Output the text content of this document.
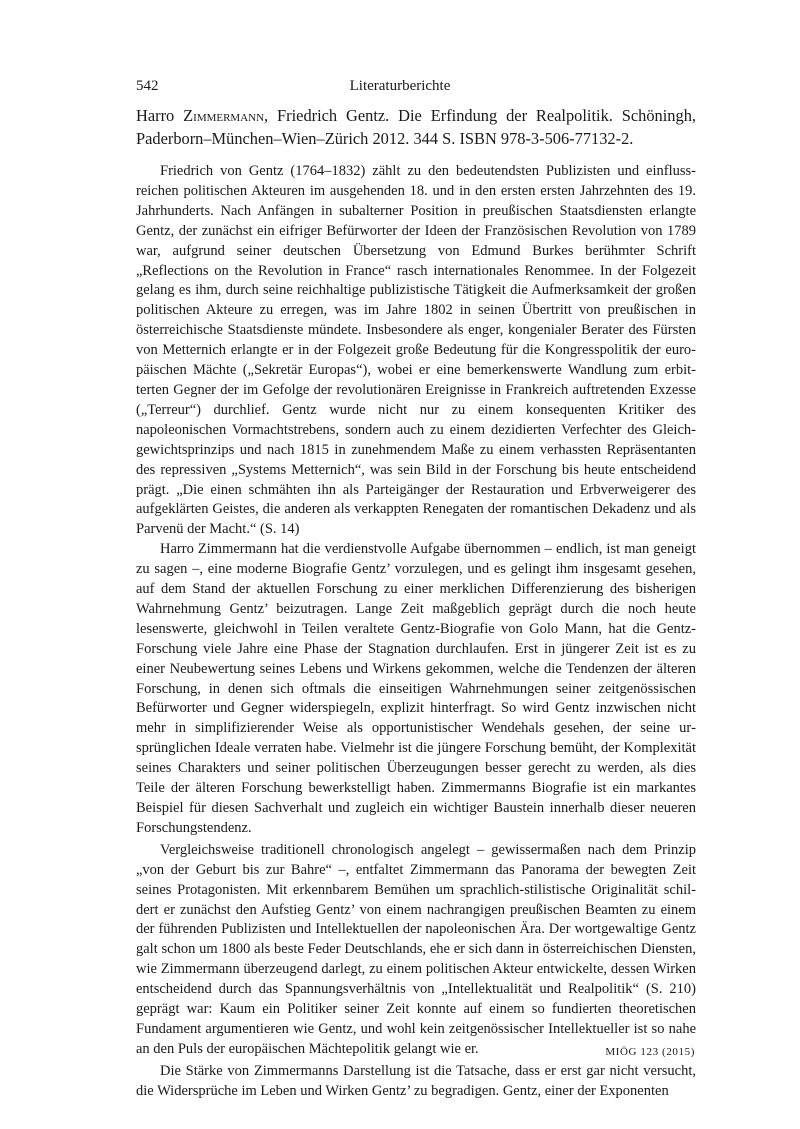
542	Literaturberichte
Harro Zimmermann, Friedrich Gentz. Die Erfindung der Realpolitik. Schöningh, Paderborn–München–Wien–Zürich 2012. 344 S. ISBN 978-3-506-77132-2.

Friedrich von Gentz (1764–1832) zählt zu den bedeutendsten Publizisten und einflussreichen politischen Akteuren im ausgehenden 18. und in den ersten ersten Jahrzehnten des 19. Jahrhunderts. Nach Anfängen in subalterner Position in preußischen Staatsdiensten erlangte Gentz, der zunächst ein eifriger Befürworter der Ideen der Französischen Revolution von 1789 war, aufgrund seiner deutschen Übersetzung von Edmund Burkes berühmter Schrift „Reflections on the Revolution in France“ rasch internationales Renommee. In der Folgezeit gelang es ihm, durch seine reichhaltige publizistische Tätigkeit die Aufmerksamkeit der großen politischen Akteure zu erregen, was im Jahre 1802 in seinen Übertritt von preußischen in österreichische Staatsdienste mündete. Insbesondere als enger, kongenialer Berater des Fürsten von Metternich erlangte er in der Folgezeit große Bedeutung für die Kongresspolitik der europäischen Mächte („Sekretär Europas“), wobei er eine bemerkenswerte Wandlung zum erbitterten Gegner der im Gefolge der revolutionären Ereignisse in Frankreich auftretenden Exzesse („Terreur“) durchlief. Gentz wurde nicht nur zu einem konsequenten Kritiker des napoleonischen Vormachtstrebens, sondern auch zu einem dezidierten Verfechter des Gleichgewichtsprinzips und nach 1815 in zunehmendem Maße zu einem verhassten Repräsentanten des repressiven „Systems Metternich“, was sein Bild in der Forschung bis heute entscheidend prägt. „Die einen schmähten ihn als Parteigänger der Restauration und Erbverweigerer des aufgeklärten Geistes, die anderen als verkappten Renegaten der romantischen Dekadenz und als Parvenü der Macht.“ (S. 14)

Harro Zimmermann hat die verdienstvolle Aufgabe übernommen – endlich, ist man geneigt zu sagen –, eine moderne Biografie Gentz’ vorzulegen, und es gelingt ihm insgesamt gesehen, auf dem Stand der aktuellen Forschung zu einer merklichen Differenzierung des bisherigen Wahrnehmung Gentz’ beizutragen. Lange Zeit maßgeblich geprägt durch die noch heute lesenswerte, gleichwohl in Teilen veraltete Gentz-Biografie von Golo Mann, hat die Gentz-Forschung viele Jahre eine Phase der Stagnation durchlaufen. Erst in jüngerer Zeit ist es zu einer Neubewertung seines Lebens und Wirkens gekommen, welche die Tendenzen der älteren Forschung, in denen sich oftmals die einseitigen Wahrnehmungen seiner zeitgenössischen Befürworter und Gegner widerspiegeln, explizit hinterfragt. So wird Gentz inzwischen nicht mehr in simplifizierender Weise als opportunistischer Wendehals gesehen, der seine ursprünglichen Ideale verraten habe. Vielmehr ist die jüngere Forschung bemüht, der Komplexität seines Charakters und seiner politischen Überzeugungen besser gerecht zu werden, als dies Teile der älteren Forschung bewerkstelligt haben. Zimmermanns Biografie ist ein markantes Beispiel für diesen Sachverhalt und zugleich ein wichtiger Baustein innerhalb dieser neueren Forschungstendenz.

Vergleichsweise traditionell chronologisch angelegt – gewissermaßen nach dem Prinzip „von der Geburt bis zur Bahre“ –, entfaltet Zimmermann das Panorama der bewegten Zeit seines Protagonisten. Mit erkennbarem Bemühen um sprachlich-stilistische Originalität schildert er zunächst den Aufstieg Gentz’ von einem nachrangigen preußischen Beamten zu einem der führenden Publizisten und Intellektuellen der napoleonischen Ära. Der wortgewaltige Gentz galt schon um 1800 als beste Feder Deutschlands, ehe er sich dann in österreichischen Diensten, wie Zimmermann überzeugend darlegt, zu einem politischen Akteur entwickelte, dessen Wirken entscheidend durch das Spannungsverhältnis von „Intellektualität und Realpolitik“ (S. 210) geprägt war: Kaum ein Politiker seiner Zeit konnte auf einem so fundierten theoretischen Fundament argumentieren wie Gentz, und wohl kein zeitgenössischer Intellektueller ist so nahe an den Puls der europäischen Mächtepolitik gelangt wie er.

Die Stärke von Zimmermanns Darstellung ist die Tatsache, dass er erst gar nicht versucht, die Widersprüche im Leben und Wirken Gentz’ zu begradigen. Gentz, einer der Exponenten

MIÖG 123 (2015)
